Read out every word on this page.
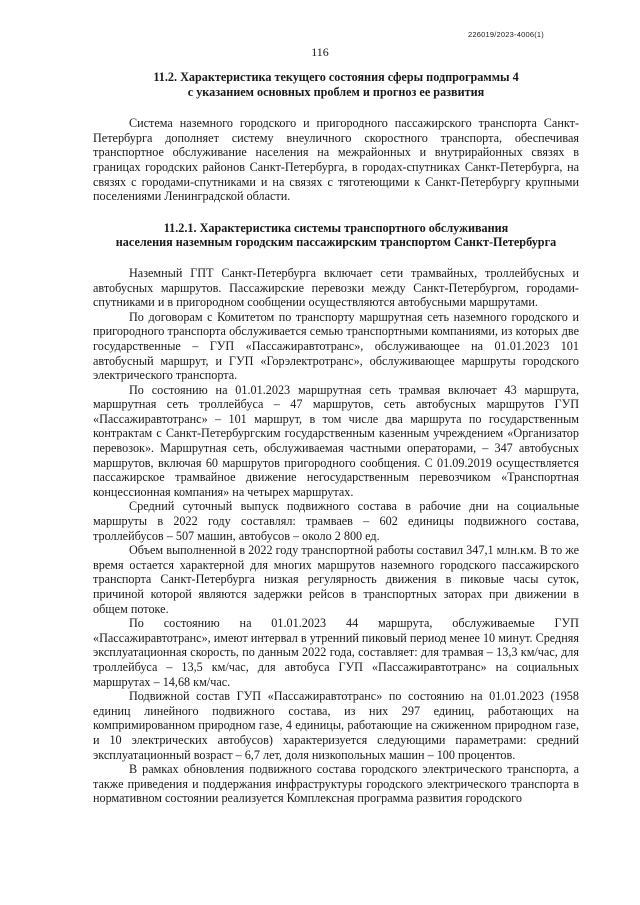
226019/2023-4006(1)
116
11.2. Характеристика текущего состояния сферы подпрограммы 4
с указанием основных проблем и прогноз ее развития

Система наземного городского и пригородного пассажирского транспорта Санкт-Петербурга дополняет систему внеуличного скоростного транспорта, обеспечивая транспортное обслуживание населения на межрайонных и внутрирайонных связях в границах городских районов Санкт-Петербурга, в городах-спутниках Санкт-Петербурга, на связях с городами-спутниками и на связях с тяготеющими к Санкт-Петербургу крупными поселениями Ленинградской области.

11.2.1. Характеристика системы транспортного обслуживания
населения наземным городским пассажирским транспортом Санкт-Петербурга

Наземный ГПТ Санкт-Петербурга включает сети трамвайных, троллейбусных и автобусных маршрутов. Пассажирские перевозки между Санкт-Петербургом, городами-спутниками и в пригородном сообщении осуществляются автобусными маршрутами.

По договорам с Комитетом по транспорту маршрутная сеть наземного городского и пригородного транспорта обслуживается семью транспортными компаниями, из которых две государственные – ГУП «Пассажиравтотранс», обслуживающее на 01.01.2023 101 автобусный маршрут, и ГУП «Горэлектротранс», обслуживающее маршруты городского электрического транспорта.

По состоянию на 01.01.2023 маршрутная сеть трамвая включает 43 маршрута, маршрутная сеть троллейбуса – 47 маршрутов, сеть автобусных маршрутов ГУП «Пассажиравтотранс» – 101 маршрут, в том числе два маршрута по государственным контрактам с Санкт-Петербургским государственным казенным учреждением «Организатор перевозок». Маршрутная сеть, обслуживаемая частными операторами, – 347 автобусных маршрутов, включая 60 маршрутов пригородного сообщения. С 01.09.2019 осуществляется пассажирское трамвайное движение негосударственным перевозчиком «Транспортная концессионная компания» на четырех маршрутах.

Средний суточный выпуск подвижного состава в рабочие дни на социальные маршруты в 2022 году составлял: трамваев – 602 единицы подвижного состава, троллейбусов – 507 машин, автобусов – около 2 800 ед.

Объем выполненной в 2022 году транспортной работы составил 347,1 млн.км. В то же время остается характерной для многих маршрутов наземного городского пассажирского транспорта Санкт-Петербурга низкая регулярность движения в пиковые часы суток, причиной которой являются задержки рейсов в транспортных заторах при движении в общем потоке.

По состоянию на 01.01.2023 44 маршрута, обслуживаемые ГУП «Пассажиравтотранс», имеют интервал в утренний пиковый период менее 10 минут. Средняя эксплуатационная скорость, по данным 2022 года, составляет: для трамвая – 13,3 км/час, для троллейбуса – 13,5 км/час, для автобуса ГУП «Пассажиравтотранс» на социальных маршрутах – 14,68 км/час.

Подвижной состав ГУП «Пассажиравтотранс» по состоянию на 01.01.2023 (1958 единиц линейного подвижного состава, из них 297 единиц, работающих на компримированном природном газе, 4 единицы, работающие на сжиженном природном газе, и 10 электрических автобусов) характеризуется следующими параметрами: средний эксплуатационный возраст – 6,7 лет, доля низкопольных машин – 100 процентов.

В рамках обновления подвижного состава городского электрического транспорта, а также приведения и поддержания инфраструктуры городского электрического транспорта в нормативном состоянии реализуется Комплексная программа развития городского
